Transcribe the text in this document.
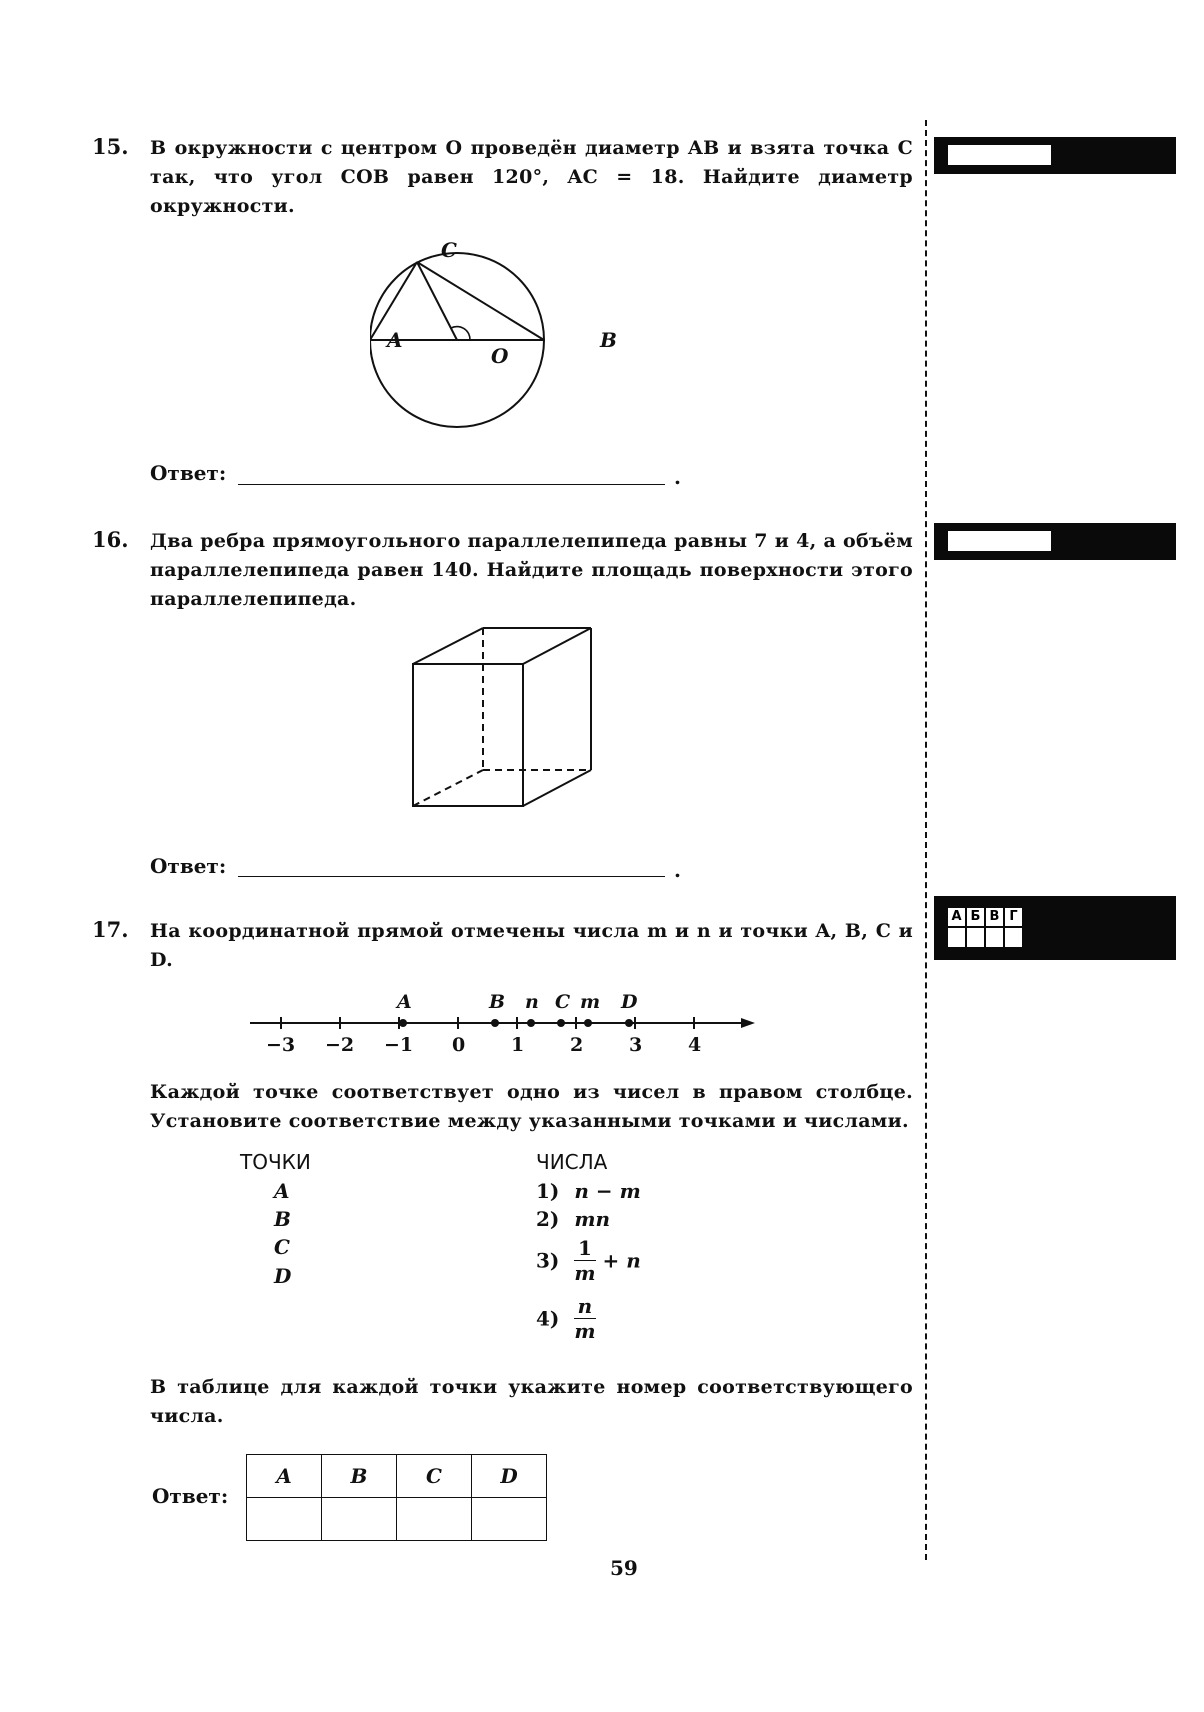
А Б В Г
15. В окружности с центром O проведён диаметр AB и взята точка C так, что угол COB равен 120°, AC = 18. Найдите диаметр окружности.
C
A
O
B
Ответ:	.
16. Два ребра прямоугольного параллелепипеда равны 7 и 4, а объём параллелепипеда равен 140. Найдите площадь поверхности этого параллелепипеда.
Ответ:	.
17. На координатной прямой отмечены числа m и n и точки A, B, C и D.
A	B n C m D
−3 −2 −1 0 1 2 3 4
Каждой точке соответствует одно из чисел в правом столбце. Установите соответствие между указанными точками и числами.
ТОЧКИ
A
B
C
D
ЧИСЛА
1) n − m
2) mn
$3) \frac{1}{m} + n$
$4) \frac{n}{m}$
В таблице для каждой точки укажите номер соответствующего числа.
Ответ:
A	B	C	D

59
